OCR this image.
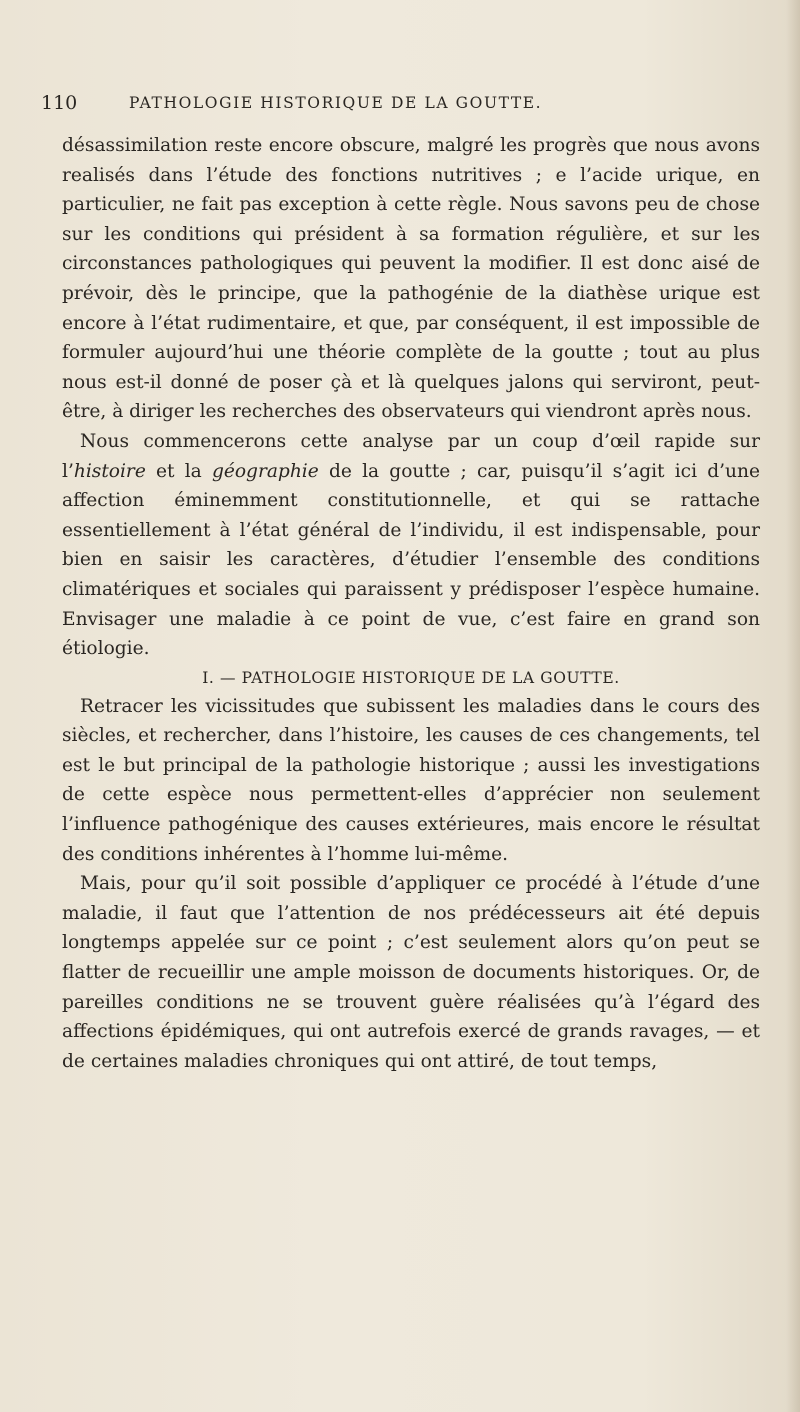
110	PATHOLOGIE HISTORIQUE DE LA GOUTTE.

désassimilation reste encore obscure, malgré les progrès que nous avons realisés dans l’étude des fonctions nutritives ; e l’acide urique, en particulier, ne fait pas exception à cette règle. Nous savons peu de chose sur les conditions qui président à sa formation régulière, et sur les circonstances pathologiques qui peuvent la modifier. Il est donc aisé de prévoir, dès le principe, que la pathogénie de la diathèse urique est encore à l’état rudimentaire, et que, par conséquent, il est impossible de formuler aujourd’hui une théorie complète de la goutte ; tout au plus nous est-il donné de poser çà et là quelques jalons qui serviront, peut-être, à diriger les recherches des observateurs qui viendront après nous.

Nous commencerons cette analyse par un coup d’œil rapide sur l’histoire et la géographie de la goutte ; car, puisqu’il s’agit ici d’une affection éminemment constitutionnelle, et qui se rattache essentiellement à l’état général de l’individu, il est indispensable, pour bien en saisir les caractères, d’étudier l’ensemble des conditions climatériques et sociales qui paraissent y prédisposer l’espèce humaine. Envisager une maladie à ce point de vue, c’est faire en grand son étiologie.

I. — PATHOLOGIE HISTORIQUE DE LA GOUTTE.

Retracer les vicissitudes que subissent les maladies dans le cours des siècles, et rechercher, dans l’histoire, les causes de ces changements, tel est le but principal de la pathologie historique ; aussi les investigations de cette espèce nous permettent-elles d’apprécier non seulement l’influence pathogénique des causes extérieures, mais encore le résultat des conditions inhérentes à l’homme lui-même.

Mais, pour qu’il soit possible d’appliquer ce procédé à l’étude d’une maladie, il faut que l’attention de nos prédécesseurs ait été depuis longtemps appelée sur ce point ; c’est seulement alors qu’on peut se flatter de recueillir une ample moisson de documents historiques. Or, de pareilles conditions ne se trouvent guère réalisées qu’à l’égard des affections épidémiques, qui ont autrefois exercé de grands ravages, — et de certaines maladies chroniques qui ont attiré, de tout temps,
